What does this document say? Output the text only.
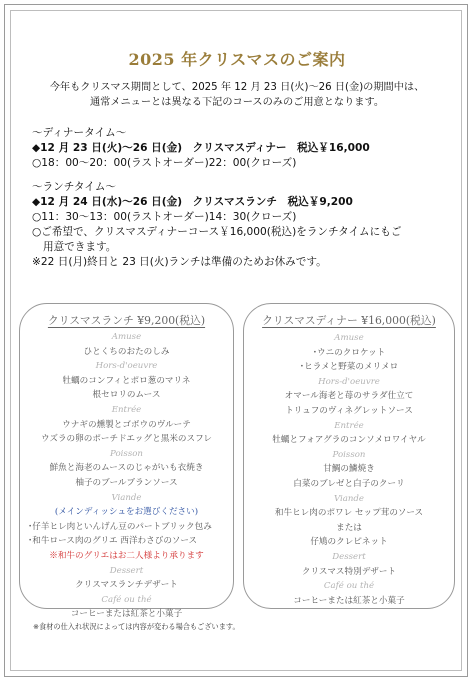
2025 年クリスマスのご案内
今年もクリスマス期間として、2025 年 12 月 23 日(火)～26 日(金)の期間中は、
通常メニューとは異なる下記のコースのみのご用意となります。
～ディナータイム～
◆12 月 23 日(火)～26 日(金)　クリスマスディナー　税込￥16,000
○18：00～20：00(ラストオーダー)22：00(クローズ)
～ランチタイム～
◆12 月 24 日(水)～26 日(金)　クリスマスランチ　税込￥9,200
○11：30～13：00(ラストオーダー)14：30(クローズ)
○ご希望で、クリスマスディナーコース￥16,000(税込)をランチタイムにもご
用意できます。
※22 日(月)終日と 23 日(火)ランチは準備のためお休みです。
クリスマスランチ ¥9,200(税込)
Amuse
ひとくちのおたのしみ
Hors-d'oeuvre
牡蠣のコンフィとポロ葱のマリネ
根セロリのムース
Entrée
ウナギの燻製とゴボウのヴルーテ
ウズラの卵のポーチドエッグと黒米のスフレ
Poisson
鮮魚と海老のムースのじゃがいも衣焼き
柚子のブールブランソース
Viande
(メインディッシュをお選びください)
･仔羊ヒレ肉といんげん豆のパートブリック包み
･和牛ロース肉のグリエ 西洋わさびのソース
※和牛のグリエはお二人様より承ります
Dessert
クリスマスランチデザート
Café ou thé
コーヒーまたは紅茶と小菓子
クリスマスディナー ¥16,000(税込)
Amuse
･ウニのクロケット
･ヒラメと野菜のメリメロ
Hors-d'oeuvre
オマール海老と苺のサラダ仕立て
トリュフのヴィネグレットソース
Entrée
牡蠣とフォアグラのコンソメロワイヤル
Poisson
甘鯛の鱗焼き
白菜のブレゼと白子のクーリ
Viande
和牛ヒレ肉のポワレ セップ茸のソース
または
仔鳩のクレピネット
Dessert
クリスマス特別デザート
Café ou thé
コーヒーまたは紅茶と小菓子
※食材の仕入れ状況によっては内容が変わる場合もございます。
